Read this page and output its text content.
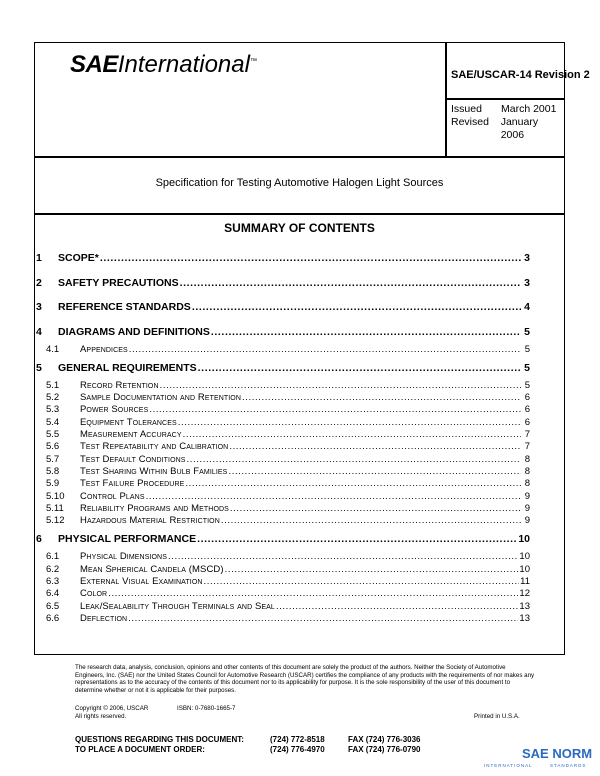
SAEInternational™
SAE/USCAR-14 Revision 2
Issued	March 2001
Revised	January 2006
Specification for Testing Automotive Halogen Light Sources
SUMMARY OF CONTENTS
1	SCOPE* .....	3
2	SAFETY PRECAUTIONS .....	3
3	REFERENCE STANDARDS .....	4
4	DIAGRAMS AND DEFINITIONS .....	5
4.1	Appendices .....	5
5	GENERAL REQUIREMENTS .....	5
5.1	Record Retention .....	5
5.2	Sample Documentation and Retention .....	6
5.3	Power Sources .....	6
5.4	Equipment Tolerances .....	6
5.5	Measurement Accuracy .....	7
5.6	Test Repeatability and Calibration .....	7
5.7	Test Default Conditions .....	8
5.8	Test Sharing Within Bulb Families .....	8
5.9	Test Failure Procedure .....	8
5.10	Control Plans .....	9
5.11	Reliability Programs and Methods .....	9
5.12	Hazardous Material Restriction .....	9
6	PHYSICAL PERFORMANCE .....	10
6.1	Physical Dimensions .....	10
6.2	Mean Spherical Candela (MSCD) .....	10
6.3	External Visual Examination .....	11
6.4	Color .....	12
6.5	Leak/Sealability Through Terminals and Seal .....	13
6.6	Deflection .....	13
The research data, analysis, conclusion, opinions and other contents of this document are solely the product of the authors. Neither the Society of Automotive Engineers, Inc. (SAE) nor the United States Council for Automotive Research (USCAR) certifies the compliance of any products with the requirements of nor makes any representations as to the accuracy of the contents of this document nor to its applicability for purpose. It is the sole responsibility of the user of this document to determine whether or not it is applicable for their purposes.
Copyright © 2006, USCAR
All rights reserved.
ISBN: 0-7680-1665-7
Printed in U.S.A.
QUESTIONS REGARDING THIS DOCUMENT:	(724) 772-8518	FAX (724) 776-3036
TO PLACE A DOCUMENT ORDER:	(724) 776-4970	FAX (724) 776-0790	SAE NORM
INTERNATIONAL	STANDARDS
